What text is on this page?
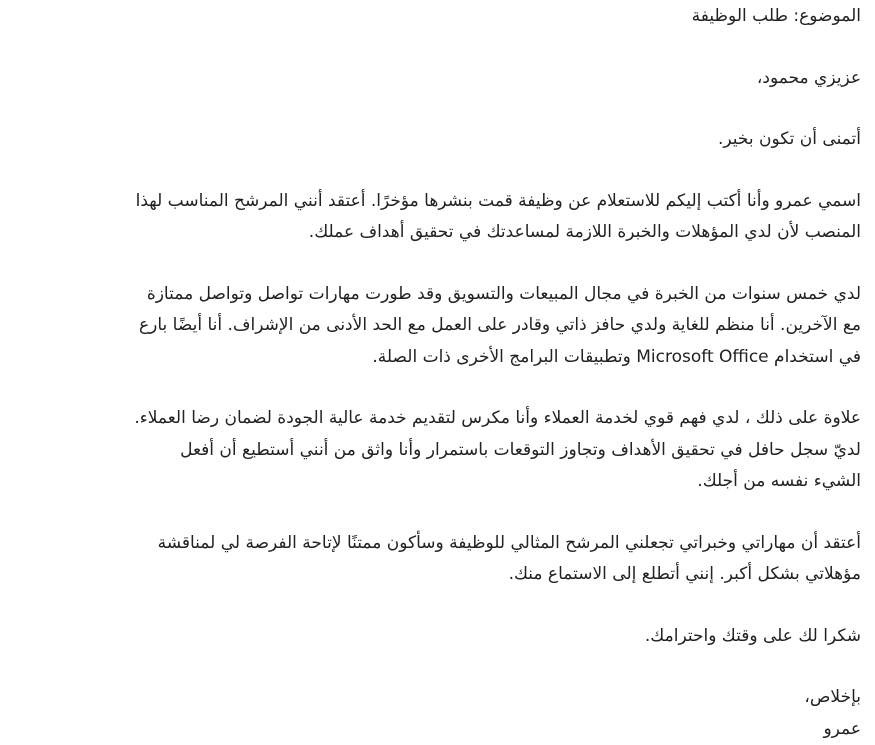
الموضوع: طلب الوظيفة
عزيزي محمود،
أتمنى أن تكون بخير.
اسمي عمرو وأنا أكتب إليكم للاستعلام عن وظيفة قمت بنشرها مؤخرًا. أعتقد أنني المرشح المناسب لهذا
المنصب لأن لدي المؤهلات والخبرة اللازمة لمساعدتك في تحقيق أهداف عملك.
لدي خمس سنوات من الخبرة في مجال المبيعات والتسويق وقد طورت مهارات تواصل وتواصل ممتازة
مع الآخرين. أنا منظم للغاية ولدي حافز ذاتي وقادر على العمل مع الحد الأدنى من الإشراف. أنا أيضًا بارع
في استخدام Microsoft Office وتطبيقات البرامج الأخرى ذات الصلة.
علاوة على ذلك ، لدي فهم قوي لخدمة العملاء وأنا مكرس لتقديم خدمة عالية الجودة لضمان رضا العملاء.
لديّ سجل حافل في تحقيق الأهداف وتجاوز التوقعات باستمرار وأنا واثق من أنني أستطيع أن أفعل
الشيء نفسه من أجلك.
أعتقد أن مهاراتي وخبراتي تجعلني المرشح المثالي للوظيفة وسأكون ممتنًا لإتاحة الفرصة لي لمناقشة
مؤهلاتي بشكل أكبر. إنني أتطلع إلى الاستماع منك.
شكرا لك على وقتك واحترامك.
بإخلاص،
عمرو
